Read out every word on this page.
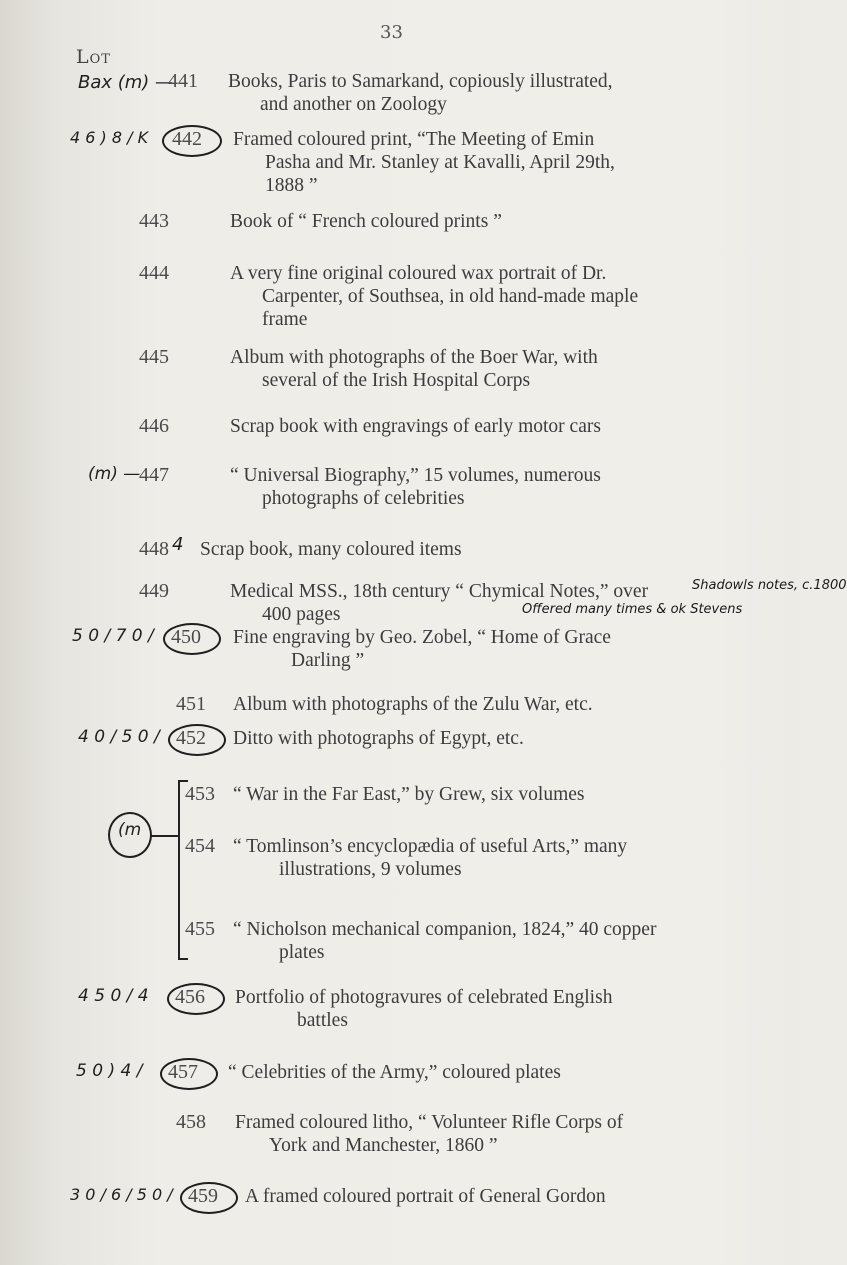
33
Lot
Bax (m) —
441 Books, Paris to Samarkand, copiously illustrated,
and another on Zoology
4 6 ) 8 / K 442 Framed coloured print, “The Meeting of Emin
Pasha and Mr. Stanley at Kavalli, April 29th,
1888 ”
443	Book of “ French coloured prints ”
444	A very fine original coloured wax portrait of Dr.
Carpenter, of Southsea, in old hand-made maple
frame
445	Album with photographs of the Boer War, with
several of the Irish Hospital Corps
446	Scrap book with engravings of early motor cars
(m) —
447	“ Universal Biography,” 15 volumes, numerous
photographs of celebrities
448 4 Scrap book, many coloured items
449	Medical MSS., 18th century “ Chymical Notes,” over
400 pages
Shadowls notes, c.1800
Offered many times & ok Stevens
5 0 / 7 0 / 450 Fine engraving by Geo. Zobel, “ Home of Grace
Darling ”
451 Album with photographs of the Zulu War, etc.
4 0 / 5 0 / 452 Ditto with photographs of Egypt, etc.
(m
453 “ War in the Far East,” by Grew, six volumes
454 “ Tomlinson’s encyclopædia of useful Arts,” many
illustrations, 9 volumes
455 “ Nicholson mechanical companion, 1824,” 40 copper
plates
4 5 0 / 4 456 Portfolio of photogravures of celebrated English
battles
5 0 ) 4 / 457 “ Celebrities of the Army,” coloured plates
458 Framed coloured litho, “ Volunteer Rifle Corps of
York and Manchester, 1860 ”
3 0 / 6 / 5 0 / 459 A framed coloured portrait of General Gordon
